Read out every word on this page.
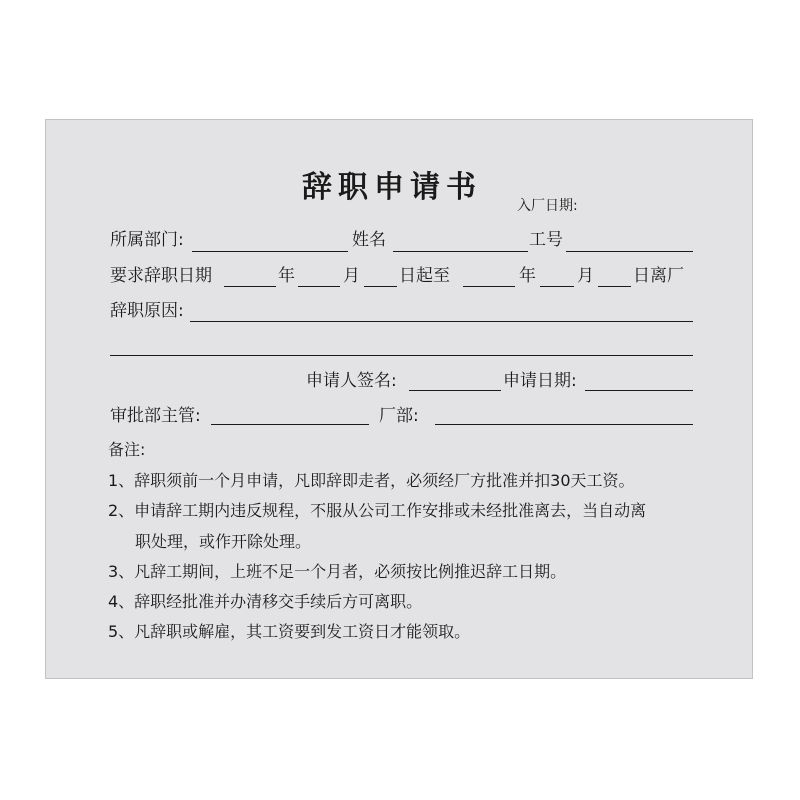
辞职申请书
入厂日期:
所属部门:	姓名	工号
要求辞职日期	年	月 日起至	年 月 日离厂
辞职原因:
申请人签名:	申请日期:
审批部主管:	厂部:
备注:
1、辞职须前一个月申请，凡即辞即走者，必须经厂方批准并扣30天工资。
2、申请辞工期内违反规程，不服从公司工作安排或未经批准离去，当自动离
职处理，或作开除处理。
3、凡辞工期间，上班不足一个月者，必须按比例推迟辞工日期。
4、辞职经批准并办清移交手续后方可离职。
5、凡辞职或解雇，其工资要到发工资日才能领取。
